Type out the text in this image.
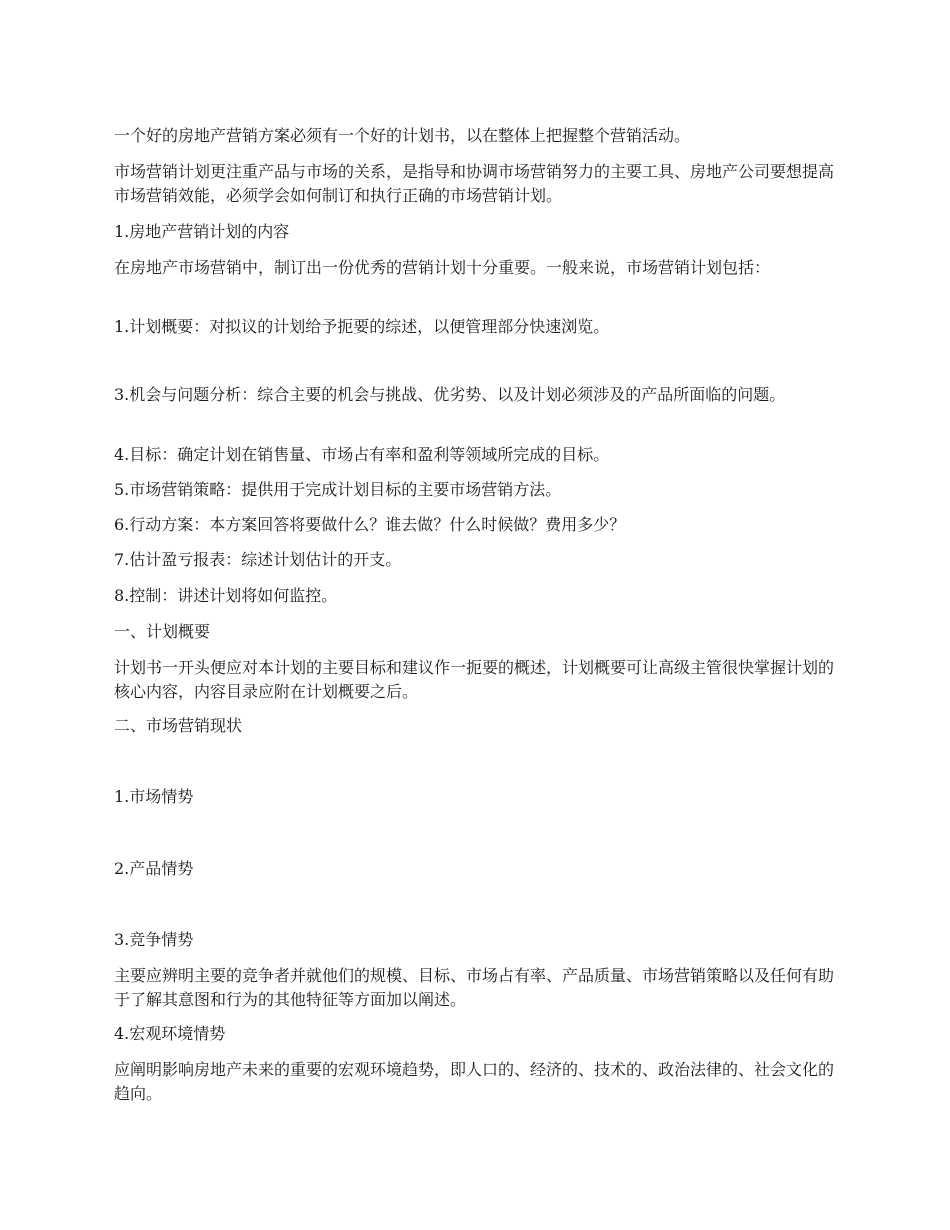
一个好的房地产营销方案必须有一个好的计划书，以在整体上把握整个营销活动。

市场营销计划更注重产品与市场的关系，是指导和协调市场营销努力的主要工具、房地产公司要想提高市场营销效能，必须学会如何制订和执行正确的市场营销计划。

1.房地产营销计划的内容

在房地产市场营销中，制订出一份优秀的营销计划十分重要。一般来说，市场营销计划包括：

1.计划概要：对拟议的计划给予扼要的综述，以便管理部分快速浏览。

3.机会与问题分析：综合主要的机会与挑战、优劣势、以及计划必须涉及的产品所面临的问题。

4.目标：确定计划在销售量、市场占有率和盈利等领域所完成的目标。

5.市场营销策略：提供用于完成计划目标的主要市场营销方法。

6.行动方案：本方案回答将要做什么？谁去做？什么时候做？费用多少？

7.估计盈亏报表：综述计划估计的开支。

8.控制：讲述计划将如何监控。

一、计划概要

计划书一开头便应对本计划的主要目标和建议作一扼要的概述，计划概要可让高级主管很快掌握计划的核心内容，内容目录应附在计划概要之后。

二、市场营销现状

1.市场情势

2.产品情势

3.竞争情势

主要应辨明主要的竞争者并就他们的规模、目标、市场占有率、产品质量、市场营销策略以及任何有助于了解其意图和行为的其他特征等方面加以阐述。

4.宏观环境情势

应阐明影响房地产未来的重要的宏观环境趋势，即人口的、经济的、技术的、政治法律的、社会文化的趋向。
